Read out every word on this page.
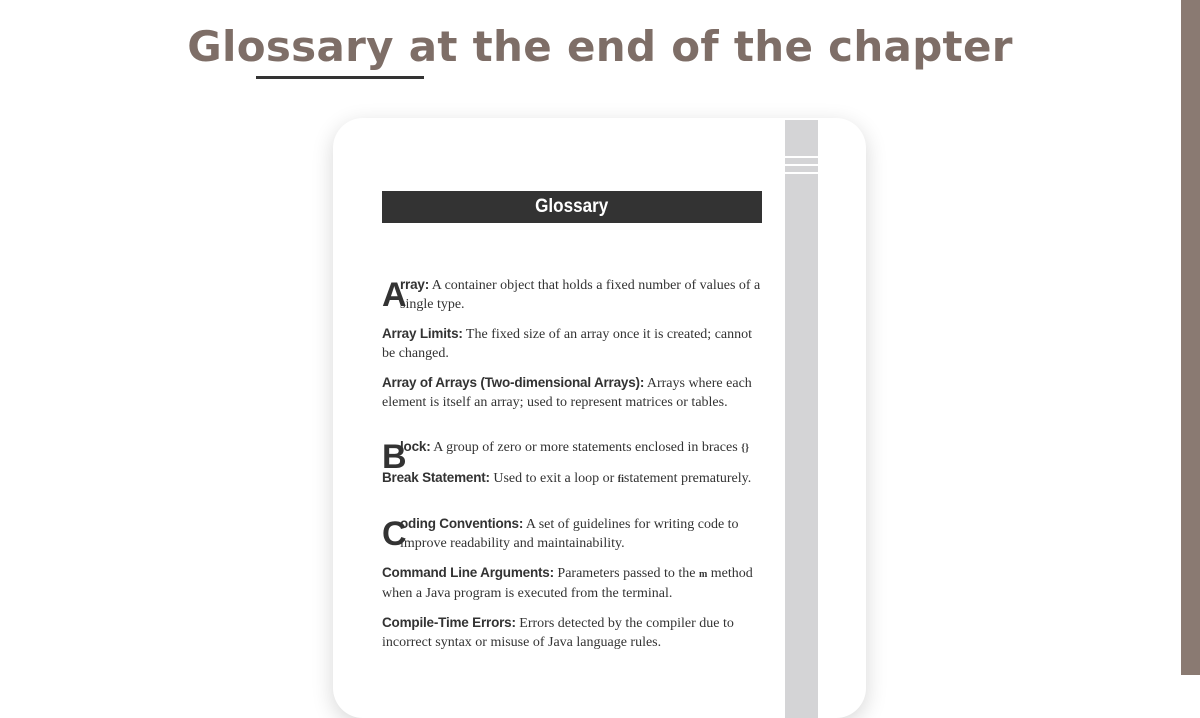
Glossary at the end of the chapter
Glossary

A
rray: A container object that holds a fixed number of values of a single type.

Array Limits: The fixed size of an array once it is created; cannot be changed.

Array of Arrays (Two-dimensional Arrays): Arrays where each element is itself an array; used to represent matrices or tables.

B
lock: A group of zero or more statements enclosed in braces {}

Break Statement: Used to exit a loop or fistatement prematurely.

C
oding Conventions: A set of guidelines for writing code to improve readability and maintainability.

Command Line Arguments: Parameters passed to the m method when a Java program is executed from the terminal.

Compile-Time Errors: Errors detected by the compiler due to incorrect syntax or misuse of Java language rules.
